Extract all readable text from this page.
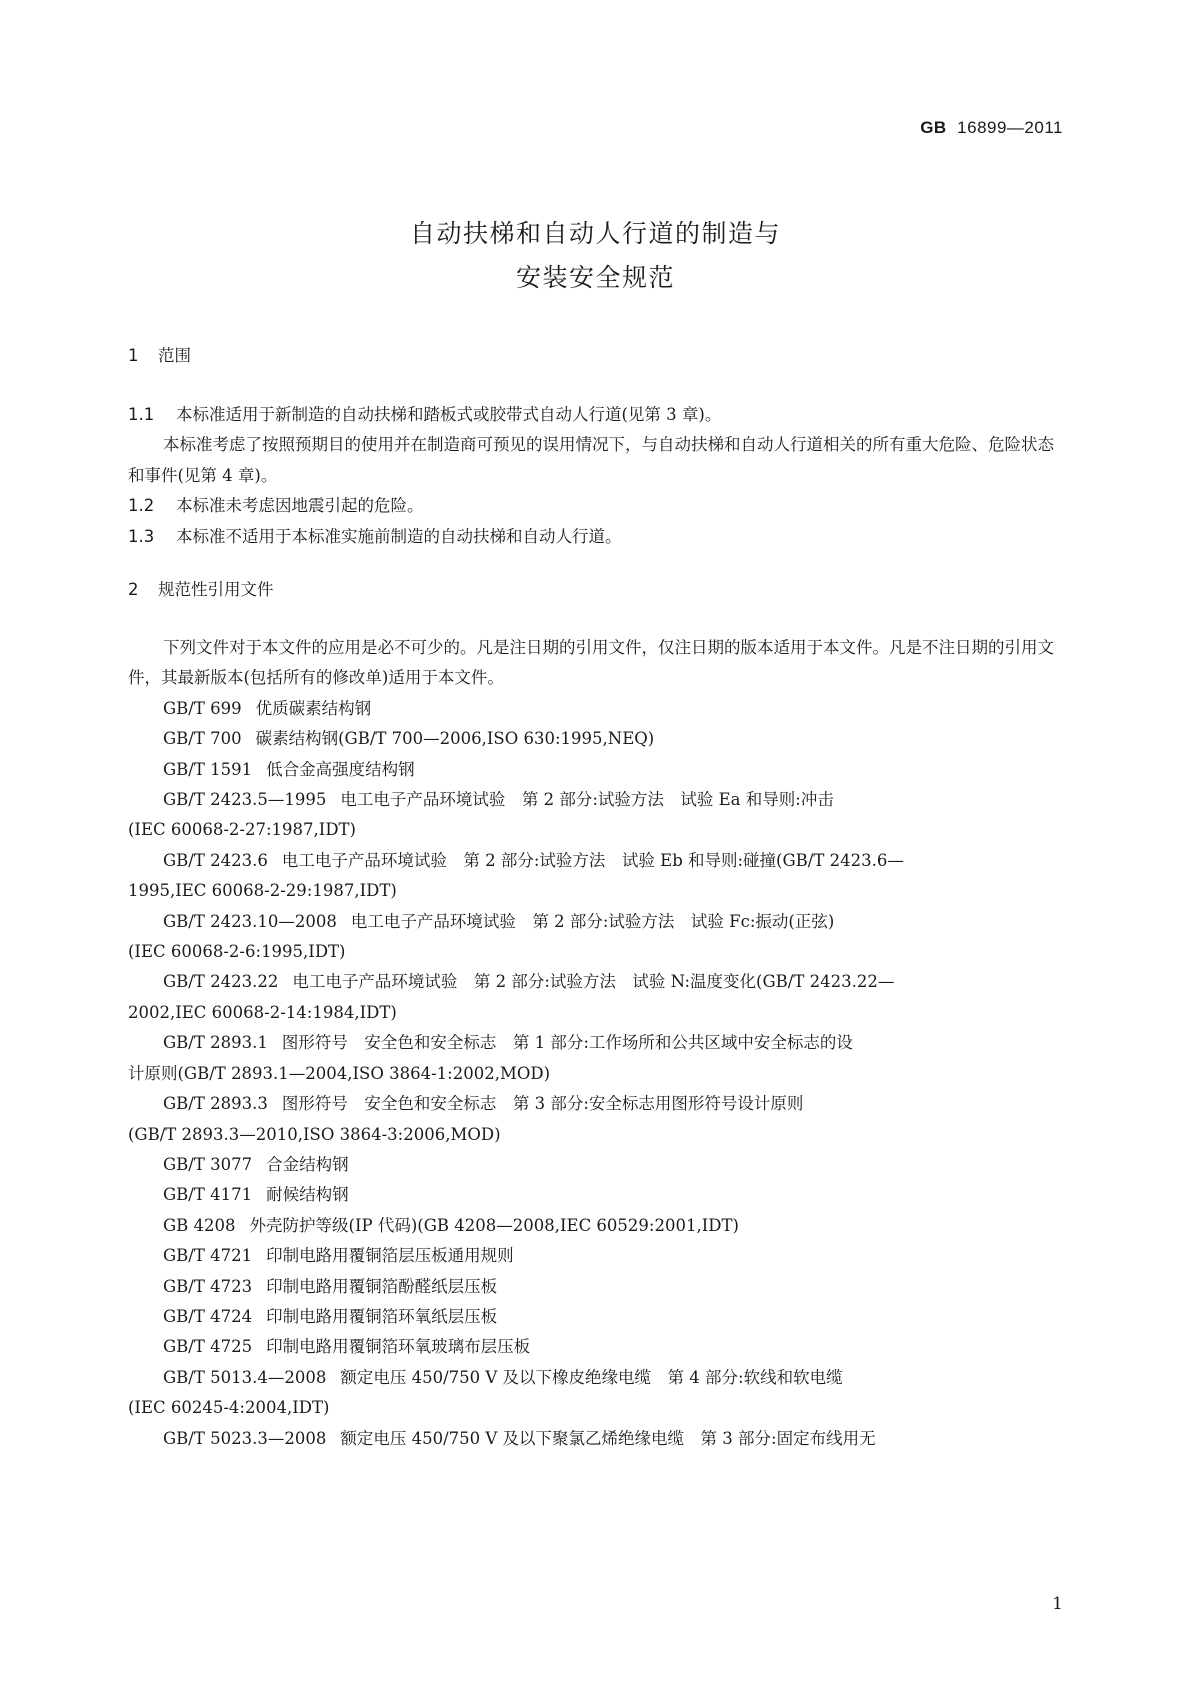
GB 16899—2011
自动扶梯和自动人行道的制造与
安装安全规范

1 范围

1.1 本标准适用于新制造的自动扶梯和踏板式或胶带式自动人行道(见第 3 章)。

本标准考虑了按照预期目的使用并在制造商可预见的误用情况下，与自动扶梯和自动人行道相关的所有重大危险、危险状态和事件(见第 4 章)。

1.2 本标准未考虑因地震引起的危险。

1.3 本标准不适用于本标准实施前制造的自动扶梯和自动人行道。

2 规范性引用文件

下列文件对于本文件的应用是必不可少的。凡是注日期的引用文件，仅注日期的版本适用于本文件。凡是不注日期的引用文件，其最新版本(包括所有的修改单)适用于本文件。

GB/T 699 优质碳素结构钢

GB/T 700 碳素结构钢(GB/T 700—2006,ISO 630:1995,NEQ)

GB/T 1591 低合金高强度结构钢

GB/T 2423.5—1995 电工电子产品环境试验　第 2 部分:试验方法　试验 Ea 和导则:冲击

(IEC 60068-2-27:1987,IDT)

GB/T 2423.6 电工电子产品环境试验　第 2 部分:试验方法　试验 Eb 和导则:碰撞(GB/T 2423.6—

1995,IEC 60068-2-29:1987,IDT)

GB/T 2423.10—2008 电工电子产品环境试验　第 2 部分:试验方法　试验 Fc:振动(正弦)

(IEC 60068-2-6:1995,IDT)

GB/T 2423.22 电工电子产品环境试验　第 2 部分:试验方法　试验 N:温度变化(GB/T 2423.22—

2002,IEC 60068-2-14:1984,IDT)

GB/T 2893.1 图形符号　安全色和安全标志　第 1 部分:工作场所和公共区域中安全标志的设

计原则(GB/T 2893.1—2004,ISO 3864-1:2002,MOD)

GB/T 2893.3 图形符号　安全色和安全标志　第 3 部分:安全标志用图形符号设计原则

(GB/T 2893.3—2010,ISO 3864-3:2006,MOD)

GB/T 3077 合金结构钢

GB/T 4171 耐候结构钢

GB 4208 外壳防护等级(IP 代码)(GB 4208—2008,IEC 60529:2001,IDT)

GB/T 4721 印制电路用覆铜箔层压板通用规则

GB/T 4723 印制电路用覆铜箔酚醛纸层压板

GB/T 4724 印制电路用覆铜箔环氧纸层压板

GB/T 4725 印制电路用覆铜箔环氧玻璃布层压板

GB/T 5013.4—2008 额定电压 450/750 V 及以下橡皮绝缘电缆　第 4 部分:软线和软电缆

(IEC 60245-4:2004,IDT)

GB/T 5023.3—2008 额定电压 450/750 V 及以下聚氯乙烯绝缘电缆　第 3 部分:固定布线用无

1
